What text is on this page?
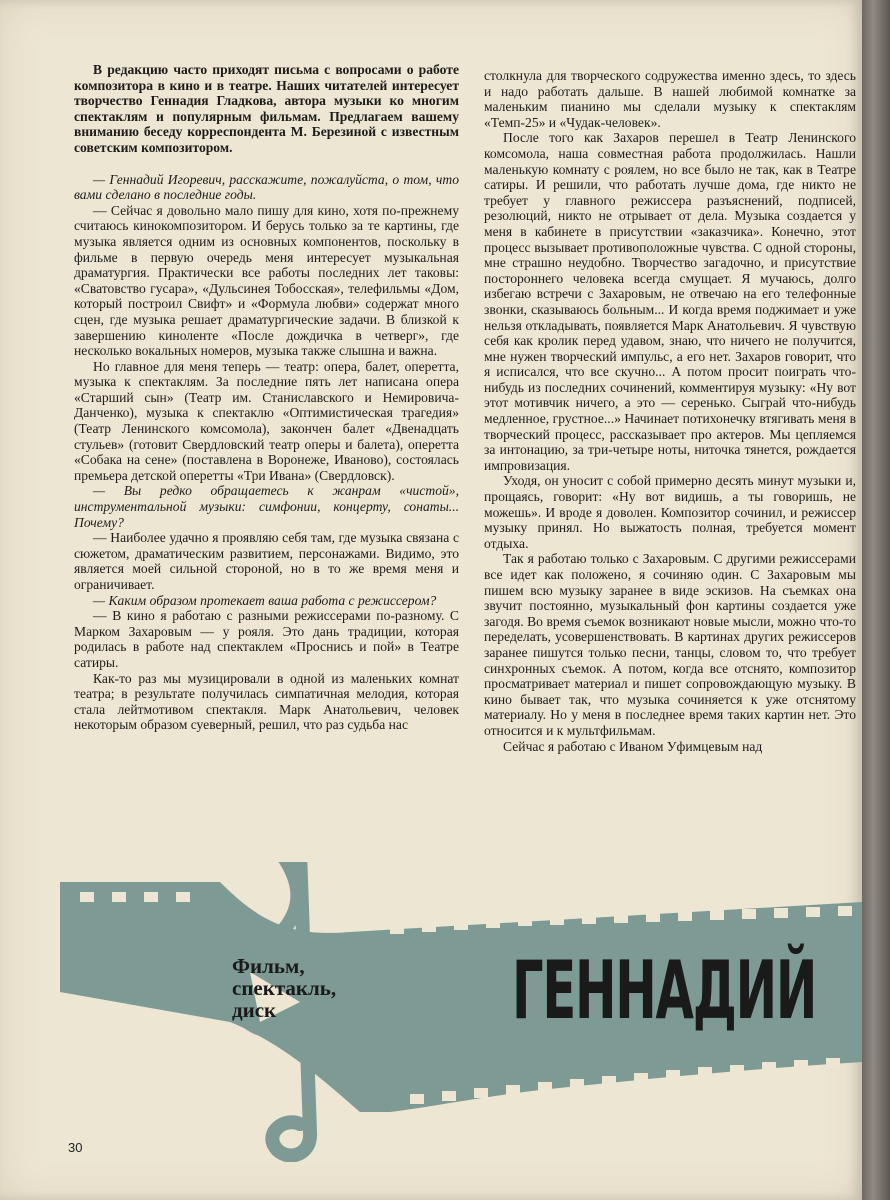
В редакцию часто приходят письма с вопросами о работе композитора в кино и в театре. Наших читателей интересует творчество Геннадия Гладкова, автора музыки ко многим спектаклям и популярным фильмам. Предлагаем вашему вниманию беседу корреспондента М. Березиной с известным советским композитором.

— Геннадий Игоревич, расскажите, пожалуйста, о том, что вами сделано в последние годы.

— Сейчас я довольно мало пишу для кино, хотя по-прежнему считаюсь кинокомпозитором. И берусь только за те картины, где музыка является одним из основных компонентов, поскольку в фильме в первую очередь меня интересует музыкальная драматургия. Практически все работы последних лет таковы: «Сватовство гусара», «Дульсинея Тобосская», телефильмы «Дом, который построил Свифт» и «Формула любви» содержат много сцен, где музыка решает драматургические задачи. В близкой к завершению киноленте «После дождичка в четверг», где несколько вокальных номеров, музыка также слышна и важна.

Но главное для меня теперь — театр: опера, балет, оперетта, музыка к спектаклям. За последние пять лет написана опера «Старший сын» (Театр им. Станиславского и Немировича-Данченко), музыка к спектаклю «Оптимистическая трагедия» (Театр Ленинского комсомола), закончен балет «Двенадцать стульев» (готовит Свердловский театр оперы и балета), оперетта «Собака на сене» (поставлена в Воронеже, Иваново), состоялась премьера детской оперетты «Три Ивана» (Свердловск).

— Вы редко обращаетесь к жанрам «чистой», инструментальной музыки: симфонии, концерту, сонаты... Почему?

— Наиболее удачно я проявляю себя там, где музыка связана с сюжетом, драматическим развитием, персонажами. Видимо, это является моей сильной стороной, но в то же время меня и ограничивает.

— Каким образом протекает ваша работа с режиссером?

— В кино я работаю с разными режиссерами по-разному. С Марком Захаровым — у рояля. Это дань традиции, которая родилась в работе над спектаклем «Проснись и пой» в Театре сатиры.

Как-то раз мы музицировали в одной из маленьких комнат театра; в результате получилась симпатичная мелодия, которая стала лейтмотивом спектакля. Марк Анатольевич, человек некоторым образом суеверный, решил, что раз судьба нас

столкнула для творческого содружества именно здесь, то здесь и надо работать дальше. В нашей любимой комнатке за маленьким пианино мы сделали музыку к спектаклям «Темп-25» и «Чудак-человек».

После того как Захаров перешел в Театр Ленинского комсомола, наша совместная работа продолжилась. Нашли маленькую комнату с роялем, но все было не так, как в Театре сатиры. И решили, что работать лучше дома, где никто не требует у главного режиссера разъяснений, подписей, резолюций, никто не отрывает от дела. Музыка создается у меня в кабинете в присутствии «заказчика». Конечно, этот процесс вызывает противоположные чувства. С одной стороны, мне страшно неудобно. Творчество загадочно, и присутствие постороннего человека всегда смущает. Я мучаюсь, долго избегаю встречи с Захаровым, не отвечаю на его телефонные звонки, сказываюсь больным... И когда время поджимает и уже нельзя откладывать, появляется Марк Анатольевич. Я чувствую себя как кролик перед удавом, знаю, что ничего не получится, мне нужен творческий импульс, а его нет. Захаров говорит, что я исписался, что все скучно... А потом просит поиграть что-нибудь из последних сочинений, комментируя музыку: «Ну вот этот мотивчик ничего, а это — серенько. Сыграй что-нибудь медленное, грустное...» Начинает потихонечку втягивать меня в творческий процесс, рассказывает про актеров. Мы цепляемся за интонацию, за три-четыре ноты, ниточка тянется, рождается импровизация.

Уходя, он уносит с собой примерно десять минут музыки и, прощаясь, говорит: «Ну вот видишь, а ты говоришь, не можешь». И вроде я доволен. Композитор сочинил, и режиссер музыку принял. Но выжатость полная, требуется момент отдыха.

Так я работаю только с Захаровым. С другими режиссерами все идет как положено, я сочиняю один. С Захаровым мы пишем всю музыку заранее в виде эскизов. На съемках она звучит постоянно, музыкальный фон картины создается уже загодя. Во время съемок возникают новые мысли, можно что-то переделать, усовершенствовать. В картинах других режиссеров заранее пишутся только песни, танцы, словом то, что требует синхронных съемок. А потом, когда все отснято, композитор просматривает материал и пишет сопровождающую музыку. В кино бывает так, что музыка сочиняется к уже отснятому материалу. Но у меня в последнее время таких картин нет. Это относится и к мультфильмам.

Сейчас я работаю с Иваном Уфимцевым над

Фильм,
спектакль,
диск	ГЕННАДИЙ
30
